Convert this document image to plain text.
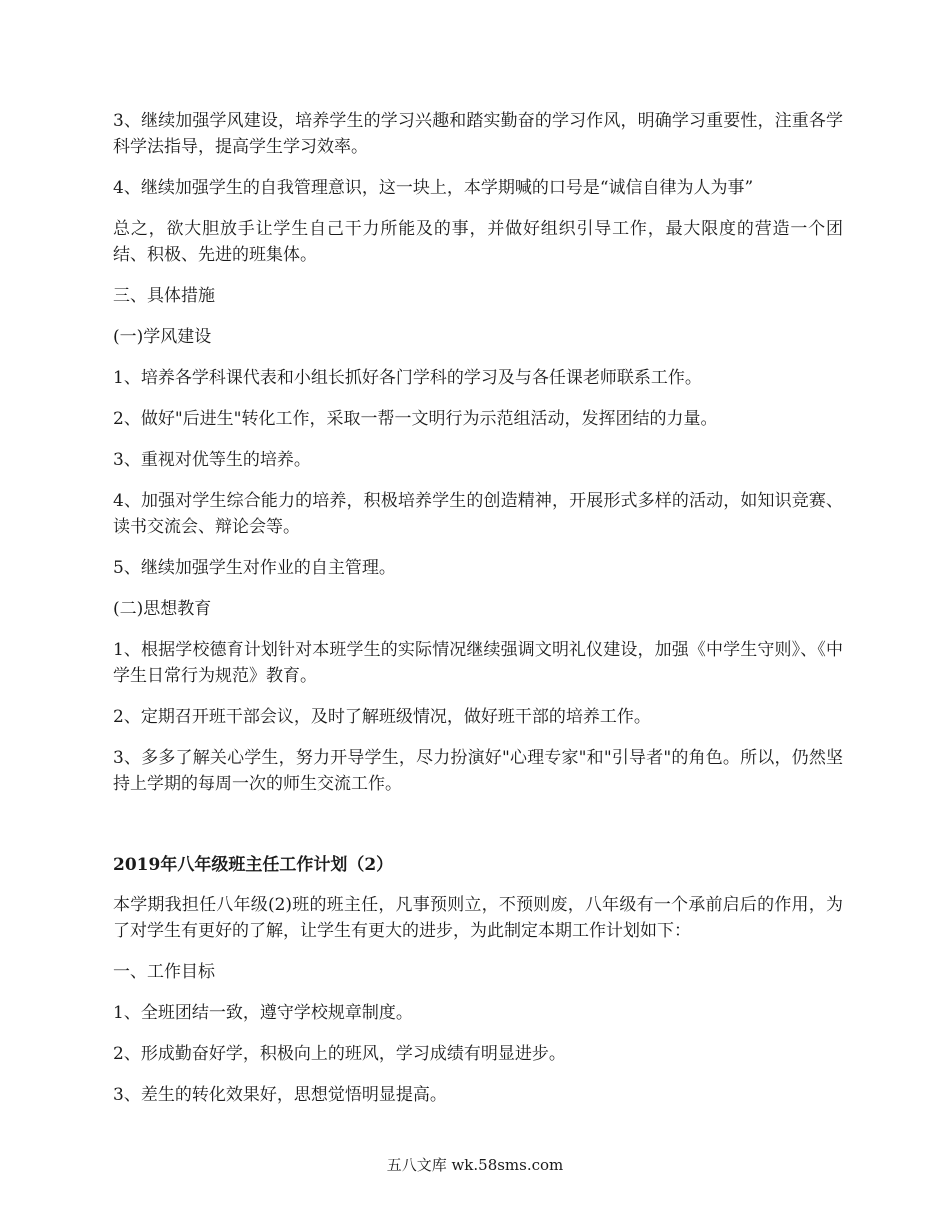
3、继续加强学风建设，培养学生的学习兴趣和踏实勤奋的学习作风，明确学习重要性，注重各学科学法指导，提高学生学习效率。

4、继续加强学生的自我管理意识，这一块上，本学期喊的口号是“诚信自律为人为事”

总之，欲大胆放手让学生自己干力所能及的事，并做好组织引导工作，最大限度的营造一个团结、积极、先进的班集体。

三、具体措施

(一)学风建设

1、培养各学科课代表和小组长抓好各门学科的学习及与各任课老师联系工作。

2、做好"后进生"转化工作，采取一帮一文明行为示范组活动，发挥团结的力量。

3、重视对优等生的培养。

4、加强对学生综合能力的培养，积极培养学生的创造精神，开展形式多样的活动，如知识竞赛、读书交流会、辩论会等。

5、继续加强学生对作业的自主管理。

(二)思想教育

1、根据学校德育计划针对本班学生的实际情况继续强调文明礼仪建设，加强《中学生守则》、《中学生日常行为规范》教育。

2、定期召开班干部会议，及时了解班级情况，做好班干部的培养工作。

3、多多了解关心学生，努力开导学生，尽力扮演好"心理专家"和"引导者"的角色。所以，仍然坚持上学期的每周一次的师生交流工作。

2019年八年级班主任工作计划（2）

本学期我担任八年级(2)班的班主任，凡事预则立，不预则废，八年级有一个承前启后的作用，为了对学生有更好的了解，让学生有更大的进步，为此制定本期工作计划如下：

一、工作目标

1、全班团结一致，遵守学校规章制度。

2、形成勤奋好学，积极向上的班风，学习成绩有明显进步。

3、差生的转化效果好，思想觉悟明显提高。

五八文库 wk.58sms.com
